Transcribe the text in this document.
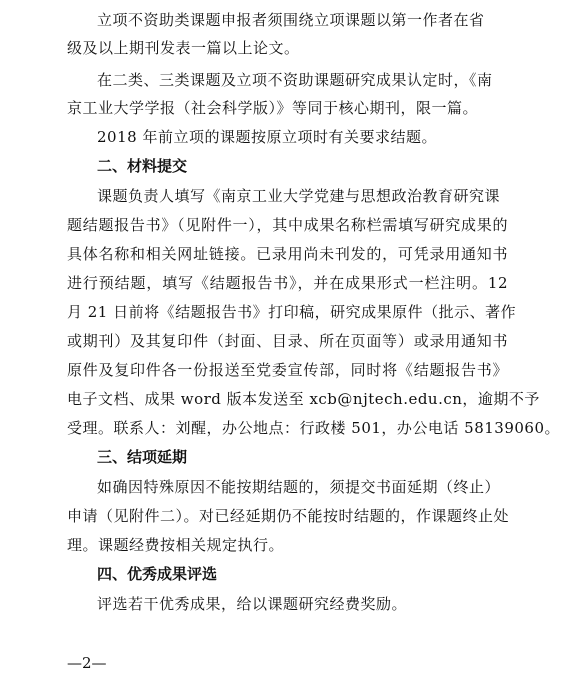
立项不资助类课题申报者须围绕立项课题以第一作者在省
级及以上期刊发表一篇以上论文。
在二类、三类课题及立项不资助课题研究成果认定时，《南
京工业大学学报（社会科学版）》等同于核心期刊，限一篇。
2018 年前立项的课题按原立项时有关要求结题。
二、材料提交
课题负责人填写《南京工业大学党建与思想政治教育研究课
题结题报告书》（见附件一），其中成果名称栏需填写研究成果的
具体名称和相关网址链接。已录用尚未刊发的，可凭录用通知书
进行预结题，填写《结题报告书》，并在成果形式一栏注明。12
月 21 日前将《结题报告书》打印稿，研究成果原件（批示、著作
或期刊）及其复印件（封面、目录、所在页面等）或录用通知书
原件及复印件各一份报送至党委宣传部，同时将《结题报告书》
电子文档、成果 word 版本发送至 xcb@njtech.edu.cn，逾期不予
受理。联系人：刘醒，办公地点：行政楼 501，办公电话 58139060。
三、结项延期
如确因特殊原因不能按期结题的，须提交书面延期（终止）
申请（见附件二）。对已经延期仍不能按时结题的，作课题终止处
理。课题经费按相关规定执行。
四、优秀成果评选
评选若干优秀成果，给以课题研究经费奖励。
—2—
